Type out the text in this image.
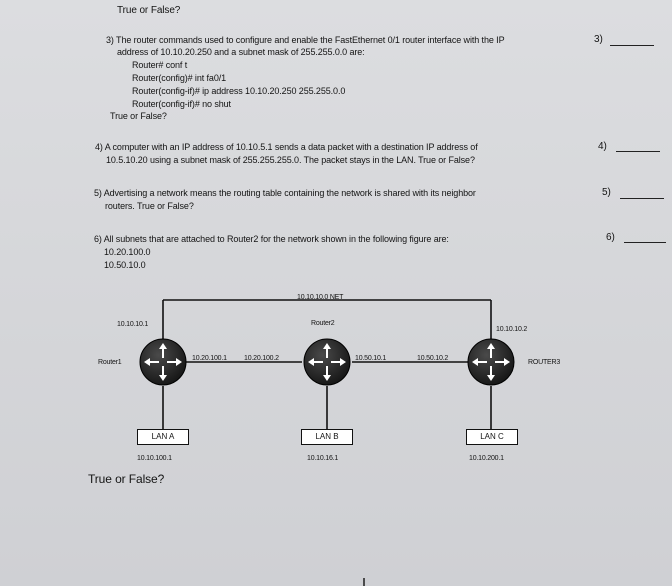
True or False?
3) The router commands used to configure and enable the FastEthernet 0/1 router interface with the IP
address of 10.10.20.250 and a subnet mask of 255.255.0.0 are:
Router# conf t
Router(config)# int fa0/1
Router(config-if)# ip address 10.10.20.250 255.255.0.0
Router(config-if)# no shut
True or False?
3)
4) A computer with an IP address of 10.10.5.1 sends a data packet with a destination IP address of
10.5.10.20 using a subnet mask of 255.255.255.0. The packet stays in the LAN. True or False?
4)
5) Advertising a network means the routing table containing the network is shared with its neighbor
routers. True or False?
5)
6) All subnets that are attached to Router2 for the network shown in the following figure are:
10.20.100.0
10.50.10.0
6)
10.10.10.0 NET
10.10.10.1	Router2
10.10.10.2
Router1
10.20.100.1 10.20.100.2	10.50.10.1	10.50.10.2
ROUTER3
LAN A	LAN B	LAN C
10.10.100.1	10.10.16.1	10.10.200.1
True or False?
